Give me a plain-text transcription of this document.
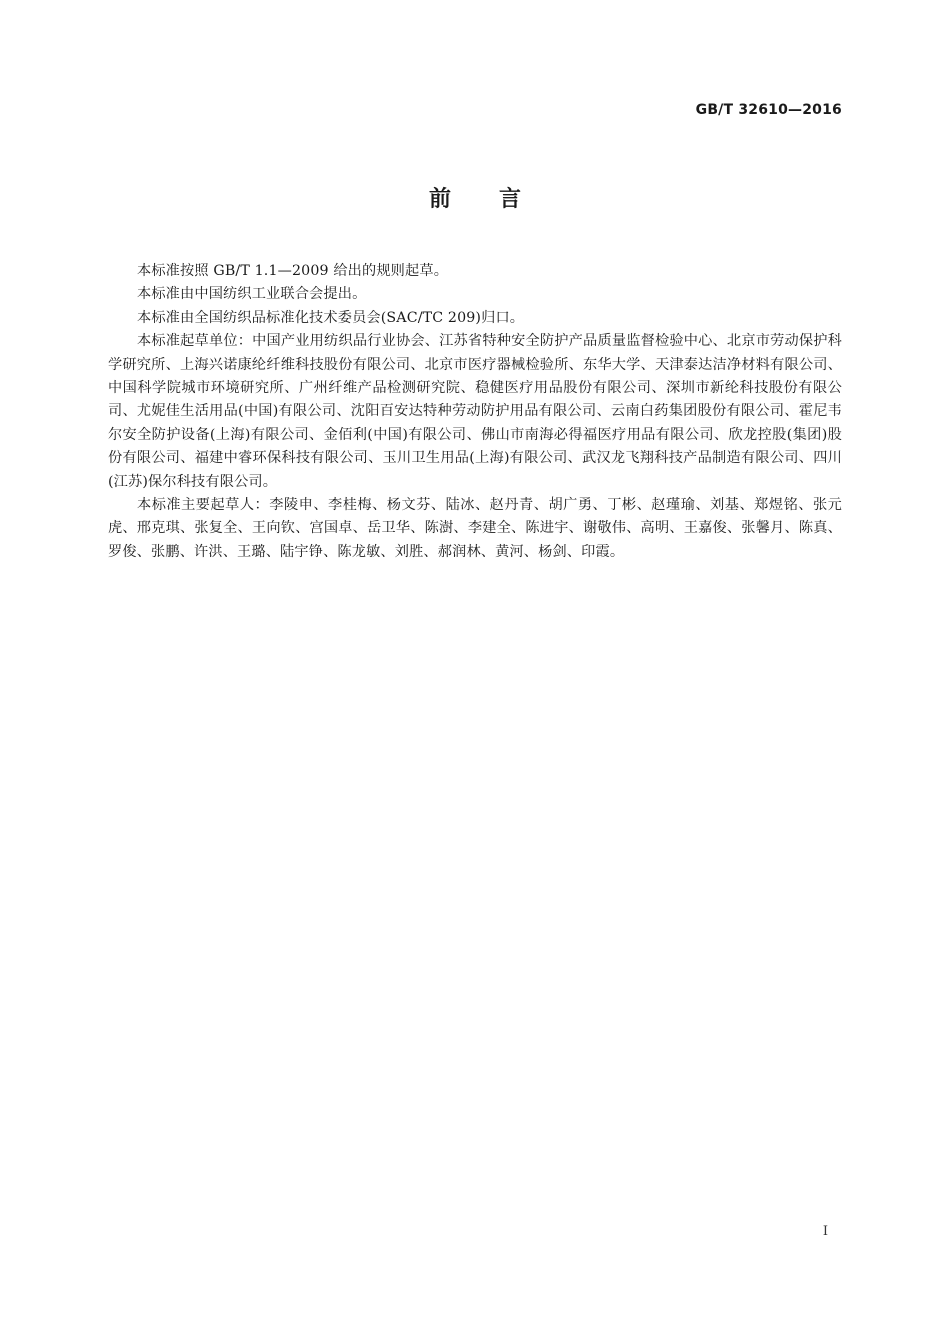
GB/T 32610—2016
前言

本标准按照 GB/T 1.1—2009 给出的规则起草。

本标准由中国纺织工业联合会提出。

本标准由全国纺织品标准化技术委员会(SAC/TC 209)归口。

本标准起草单位：中国产业用纺织品行业协会、江苏省特种安全防护产品质量监督检验中心、北京市劳动保护科学研究所、上海兴诺康纶纤维科技股份有限公司、北京市医疗器械检验所、东华大学、天津泰达洁净材料有限公司、中国科学院城市环境研究所、广州纤维产品检测研究院、稳健医疗用品股份有限公司、深圳市新纶科技股份有限公司、尤妮佳生活用品(中国)有限公司、沈阳百安达特种劳动防护用品有限公司、云南白药集团股份有限公司、霍尼韦尔安全防护设备(上海)有限公司、金佰利(中国)有限公司、佛山市南海必得福医疗用品有限公司、欣龙控股(集团)股份有限公司、福建中睿环保科技有限公司、玉川卫生用品(上海)有限公司、武汉龙飞翔科技产品制造有限公司、四川(江苏)保尔科技有限公司。

本标准主要起草人：李陵申、李桂梅、杨文芬、陆冰、赵丹青、胡广勇、丁彬、赵瑾瑜、刘基、郑煜铭、张元虎、邢克琪、张复全、王向钦、宫国卓、岳卫华、陈澍、李建全、陈进宇、谢敬伟、高明、王嘉俊、张馨月、陈真、罗俊、张鹏、许洪、王璐、陆宇铮、陈龙敏、刘胜、郝润林、黄河、杨剑、印霞。

I
